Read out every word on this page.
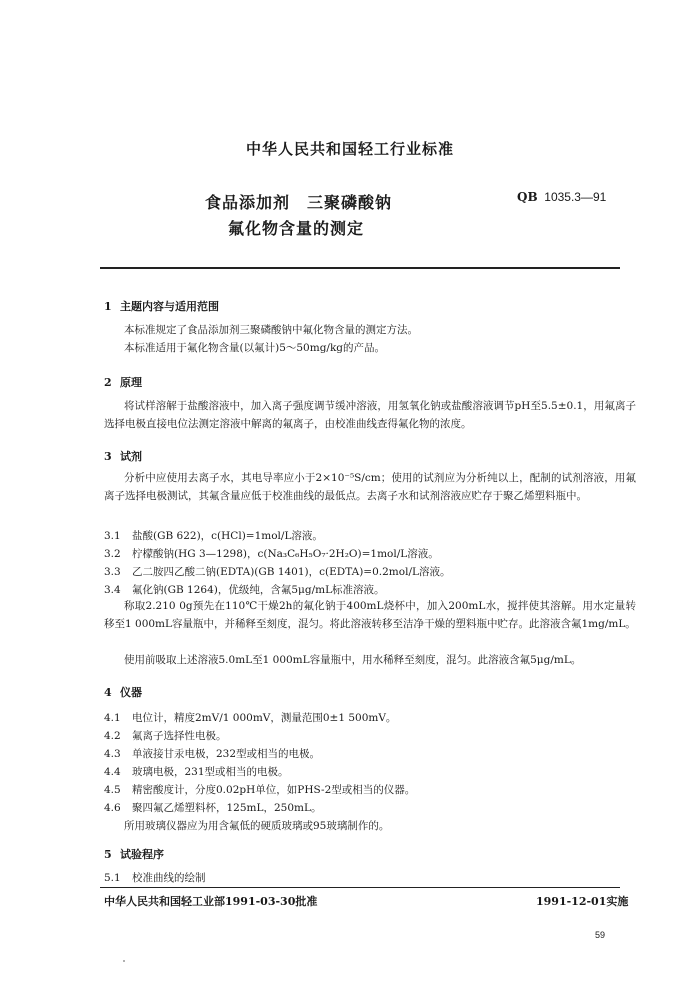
中华人民共和国轻工行业标准
食品添加剂　三聚磷酸钠
氟化物含量的测定
QB 1035.3—91
1 主题内容与适用范围
本标准规定了食品添加剂三聚磷酸钠中氟化物含量的测定方法。
本标准适用于氟化物含量(以氟计)5～50mg/kg的产品。
2 原理
将试样溶解于盐酸溶液中，加入离子强度调节缓冲溶液，用氢氧化钠或盐酸溶液调节pH至5.5±0.1，用氟离子选择电极直接电位法测定溶液中解离的氟离子，由校准曲线查得氟化物的浓度。
3 试剂
分析中应使用去离子水，其电导率应小于2×10⁻⁵S/cm；使用的试剂应为分析纯以上，配制的试剂溶液，用氟离子选择电极测试，其氟含量应低于校准曲线的最低点。去离子水和试剂溶液应贮存于聚乙烯塑料瓶中。
3.1 盐酸(GB 622)，c(HCl)=1mol/L溶液。
3.2 柠檬酸钠(HG 3—1298)，c(Na₃C₆H₅O₇·2H₂O)=1mol/L溶液。
3.3 乙二胺四乙酸二钠(EDTA)(GB 1401)，c(EDTA)=0.2mol/L溶液。
3.4 氟化钠(GB 1264)，优级纯，含氟5μg/mL标准溶液。
称取2.210 0g预先在110℃干燥2h的氟化钠于400mL烧杯中，加入200mL水，搅拌使其溶解。用水定量转移至1 000mL容量瓶中，并稀释至刻度，混匀。将此溶液转移至洁净干燥的塑料瓶中贮存。此溶液含氟1mg/mL。
使用前吸取上述溶液5.0mL至1 000mL容量瓶中，用水稀释至刻度，混匀。此溶液含氟5μg/mL。
4 仪器
4.1 电位计，精度2mV/1 000mV，测量范围0±1 500mV。
4.2 氟离子选择性电极。
4.3 单液接甘汞电极，232型或相当的电极。
4.4 玻璃电极，231型或相当的电极。
4.5 精密酸度计，分度0.02pH单位，如PHS-2型或相当的仪器。
4.6 聚四氟乙烯塑料杯，125mL，250mL。
所用玻璃仪器应为用含氟低的硬质玻璃或95玻璃制作的。
5 试验程序
5.1 校准曲线的绘制
中华人民共和国轻工业部1991-03-30批准	1991-12-01实施
59
